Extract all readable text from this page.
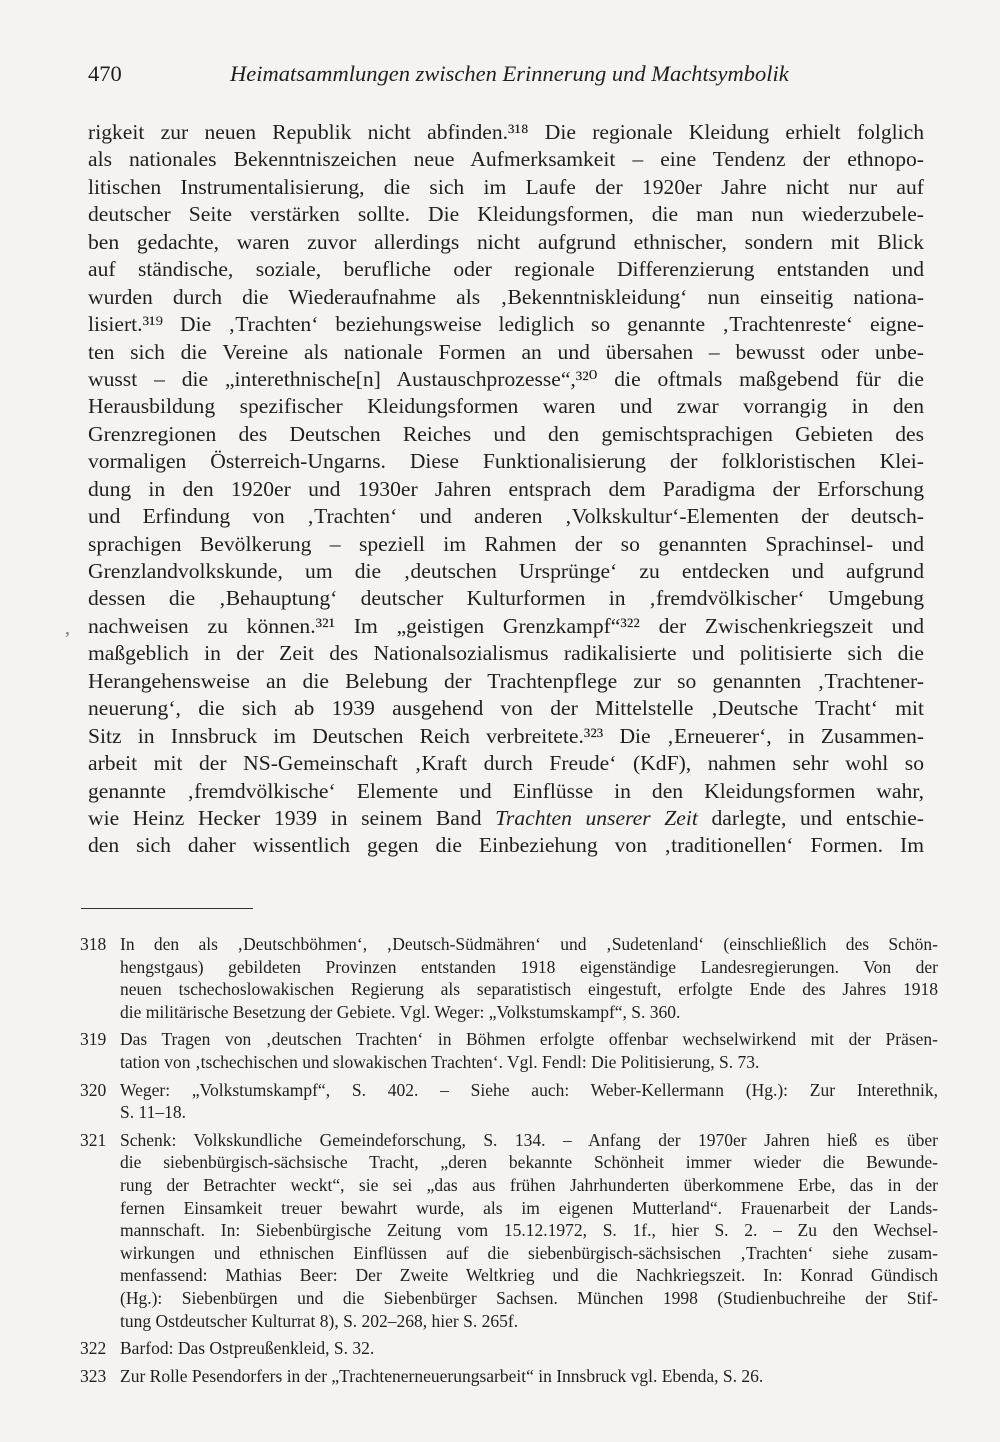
470	Heimatsammlungen zwischen Erinnerung und Machtsymbolik
rigkeit zur neuen Republik nicht abfinden.³¹⁸ Die regionale Kleidung erhielt folglich
als nationales Bekenntniszeichen neue Aufmerksamkeit – eine Tendenz der ethnopo-
litischen Instrumentalisierung, die sich im Laufe der 1920er Jahre nicht nur auf
deutscher Seite verstärken sollte. Die Kleidungsformen, die man nun wiederzubele-
ben gedachte, waren zuvor allerdings nicht aufgrund ethnischer, sondern mit Blick
auf ständische, soziale, berufliche oder regionale Differenzierung entstanden und
wurden durch die Wiederaufnahme als ‚Bekenntniskleidung‘ nun einseitig nationa-
lisiert.³¹⁹ Die ‚Trachten‘ beziehungsweise lediglich so genannte ‚Trachtenreste‘ eigne-
ten sich die Vereine als nationale Formen an und übersahen – bewusst oder unbe-
wusst – die „interethnische[n] Austauschprozesse“,³²⁰ die oftmals maßgebend für die
Herausbildung spezifischer Kleidungsformen waren und zwar vorrangig in den
Grenzregionen des Deutschen Reiches und den gemischtsprachigen Gebieten des
vormaligen Österreich-Ungarns. Diese Funktionalisierung der folkloristischen Klei-
dung in den 1920er und 1930er Jahren entsprach dem Paradigma der Erforschung
und Erfindung von ‚Trachten‘ und anderen ‚Volkskultur‘-Elementen der deutsch-
sprachigen Bevölkerung – speziell im Rahmen der so genannten Sprachinsel- und
Grenzlandvolkskunde, um die ‚deutschen Ursprünge‘ zu entdecken und aufgrund
dessen die ‚Behauptung‘ deutscher Kulturformen in ‚fremdvölkischer‘ Umgebung
nachweisen zu können.³²¹ Im „geistigen Grenzkampf“³²² der Zwischenkriegszeit und
maßgeblich in der Zeit des Nationalsozialismus radikalisierte und politisierte sich die
Herangehensweise an die Belebung der Trachtenpflege zur so genannten ‚Trachtener-
neuerung‘, die sich ab 1939 ausgehend von der Mittelstelle ‚Deutsche Tracht‘ mit
Sitz in Innsbruck im Deutschen Reich verbreitete.³²³ Die ‚Erneuerer‘, in Zusammen-
arbeit mit der NS-Gemeinschaft ‚Kraft durch Freude‘ (KdF), nahmen sehr wohl so
genannte ‚fremdvölkische‘ Elemente und Einflüsse in den Kleidungsformen wahr,
wie Heinz Hecker 1939 in seinem Band Trachten unserer Zeit darlegte, und entschie-
den sich daher wissentlich gegen die Einbeziehung von ‚traditionellen‘ Formen. Im
318 In den als ‚Deutschböhmen‘, ‚Deutsch-Südmähren‘ und ‚Sudetenland‘ (einschließlich des Schön-
hengstgaus) gebildeten Provinzen entstanden 1918 eigenständige Landesregierungen. Von der
neuen tschechoslowakischen Regierung als separatistisch eingestuft, erfolgte Ende des Jahres 1918
die militärische Besetzung der Gebiete. Vgl. Weger: „Volkstumskampf“, S. 360.
319 Das Tragen von ‚deutschen Trachten‘ in Böhmen erfolgte offenbar wechselwirkend mit der Präsen-
tation von ‚tschechischen und slowakischen Trachten‘. Vgl. Fendl: Die Politisierung, S. 73.
320 Weger: „Volkstumskampf“, S. 402. – Siehe auch: Weber-Kellermann (Hg.): Zur Interethnik,
S. 11–18.
321 Schenk: Volkskundliche Gemeindeforschung, S. 134. – Anfang der 1970er Jahren hieß es über
die siebenbürgisch-sächsische Tracht, „deren bekannte Schönheit immer wieder die Bewunde-
rung der Betrachter weckt“, sie sei „das aus frühen Jahrhunderten überkommene Erbe, das in der
fernen Einsamkeit treuer bewahrt wurde, als im eigenen Mutterland“. Frauenarbeit der Lands-
mannschaft. In: Siebenbürgische Zeitung vom 15.12.1972, S. 1f., hier S. 2. – Zu den Wechsel-
wirkungen und ethnischen Einflüssen auf die siebenbürgisch-sächsischen ‚Trachten‘ siehe zusam-
menfassend: Mathias Beer: Der Zweite Weltkrieg und die Nachkriegszeit. In: Konrad Gündisch
(Hg.): Siebenbürgen und die Siebenbürger Sachsen. München 1998 (Studienbuchreihe der Stif-
tung Ostdeutscher Kulturrat 8), S. 202–268, hier S. 265f.
322 Barfod: Das Ostpreußenkleid, S. 32.
323 Zur Rolle Pesendorfers in der „Trachtenerneuerungsarbeit“ in Innsbruck vgl. Ebenda, S. 26.
‚
